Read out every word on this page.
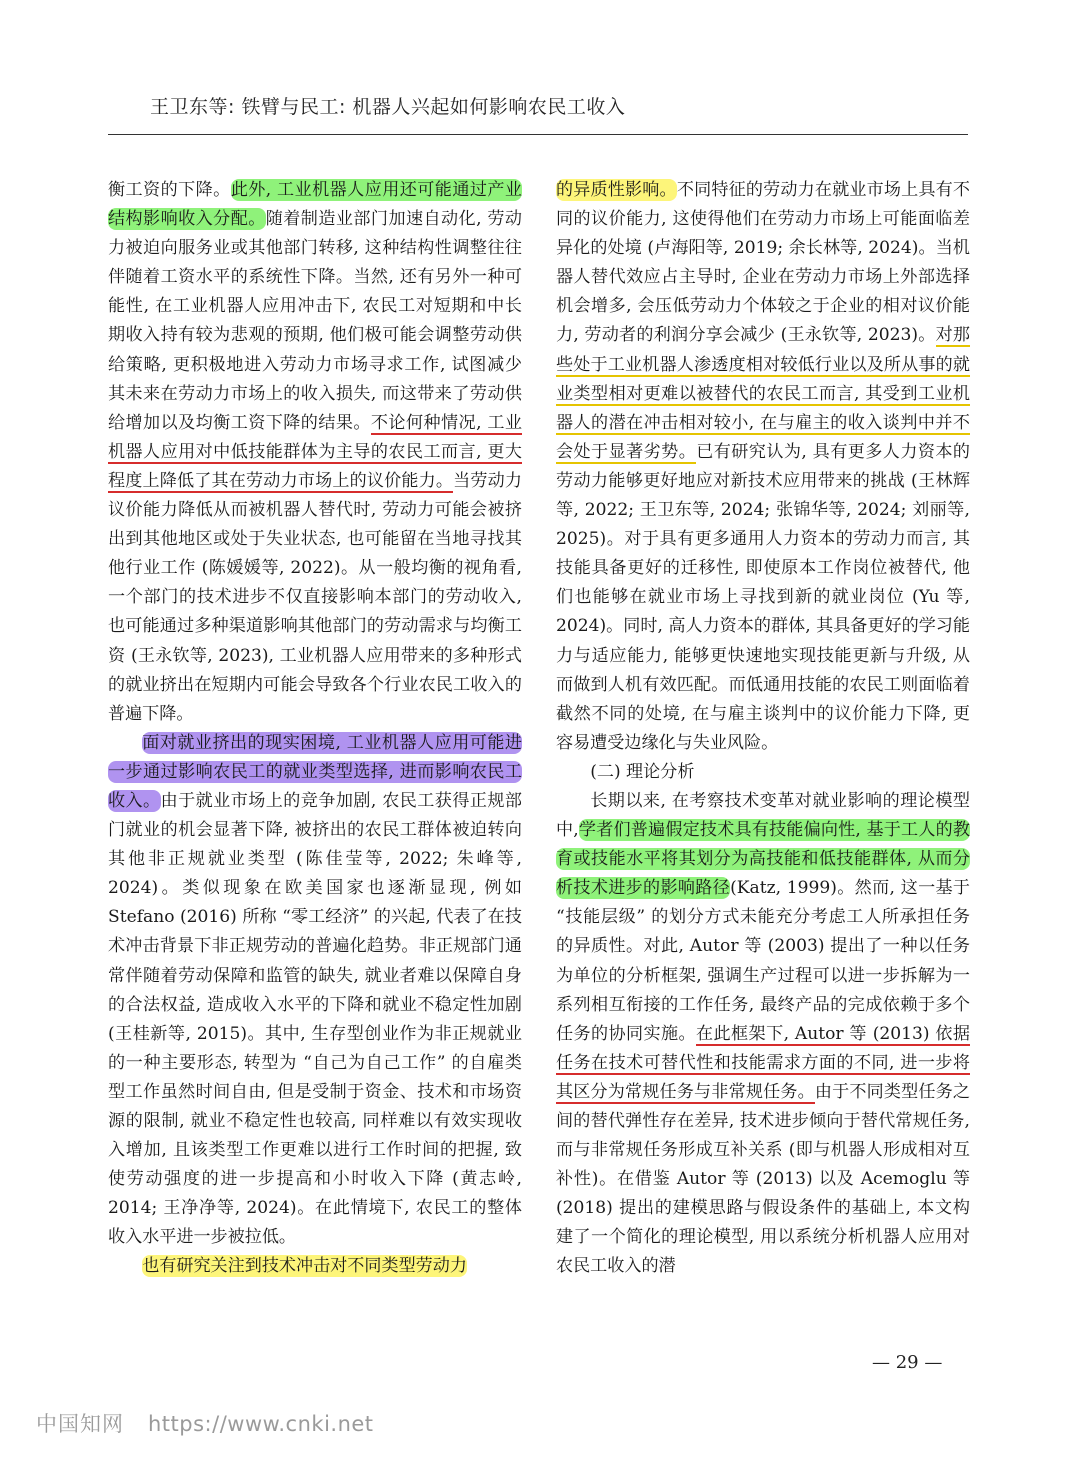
王卫东等: 铁臂与民工: 机器人兴起如何影响农民工收入

衡工资的下降。此外, 工业机器人应用还可能通过产业结构影响收入分配。随着制造业部门加速自动化, 劳动力被迫向服务业或其他部门转移, 这种结构性调整往往伴随着工资水平的系统性下降。当然, 还有另外一种可能性, 在工业机器人应用冲击下, 农民工对短期和中长期收入持有较为悲观的预期, 他们极可能会调整劳动供给策略, 更积极地进入劳动力市场寻求工作, 试图减少其未来在劳动力市场上的收入损失, 而这带来了劳动供给增加以及均衡工资下降的结果。不论何种情况, 工业机器人应用对中低技能群体为主导的农民工而言, 更大程度上降低了其在劳动力市场上的议价能力。当劳动力议价能力降低从而被机器人替代时, 劳动力可能会被挤出到其他地区或处于失业状态, 也可能留在当地寻找其他行业工作 (陈媛媛等, 2022)。从一般均衡的视角看, 一个部门的技术进步不仅直接影响本部门的劳动收入, 也可能通过多种渠道影响其他部门的劳动需求与均衡工资 (王永钦等, 2023), 工业机器人应用带来的多种形式的就业挤出在短期内可能会导致各个行业农民工收入的普遍下降。

面对就业挤出的现实困境, 工业机器人应用可能进一步通过影响农民工的就业类型选择, 进而影响农民工收入。由于就业市场上的竞争加剧, 农民工获得正规部门就业的机会显著下降, 被挤出的农民工群体被迫转向其他非正规就业类型 (陈佳莹等, 2022; 朱峰等, 2024)。类似现象在欧美国家也逐渐显现, 例如 Stefano (2016) 所称 “零工经济” 的兴起, 代表了在技术冲击背景下非正规劳动的普遍化趋势。非正规部门通常伴随着劳动保障和监管的缺失, 就业者难以保障自身的合法权益, 造成收入水平的下降和就业不稳定性加剧 (王桂新等, 2015)。其中, 生存型创业作为非正规就业的一种主要形态, 转型为 “自己为自己工作” 的自雇类型工作虽然时间自由, 但是受制于资金、技术和市场资源的限制, 就业不稳定性也较高, 同样难以有效实现收入增加, 且该类型工作更难以进行工作时间的把握, 致使劳动强度的进一步提高和小时收入下降 (黄志岭, 2014; 王净净等, 2024)。在此情境下, 农民工的整体收入水平进一步被拉低。

也有研究关注到技术冲击对不同类型劳动力

的异质性影响。不同特征的劳动力在就业市场上具有不同的议价能力, 这使得他们在劳动力市场上可能面临差异化的处境 (卢海阳等, 2019; 余长林等, 2024)。当机器人替代效应占主导时, 企业在劳动力市场上外部选择机会增多, 会压低劳动力个体较之于企业的相对议价能力, 劳动者的利润分享会减少 (王永钦等, 2023)。对那些处于工业机器人渗透度相对较低行业以及所从事的就业类型相对更难以被替代的农民工而言, 其受到工业机器人的潜在冲击相对较小, 在与雇主的收入谈判中并不会处于显著劣势。已有研究认为, 具有更多人力资本的劳动力能够更好地应对新技术应用带来的挑战 (王林辉等, 2022; 王卫东等, 2024; 张锦华等, 2024; 刘丽等, 2025)。对于具有更多通用人力资本的劳动力而言, 其技能具备更好的迁移性, 即使原本工作岗位被替代, 他们也能够在就业市场上寻找到新的就业岗位 (Yu 等, 2024)。同时, 高人力资本的群体, 其具备更好的学习能力与适应能力, 能够更快速地实现技能更新与升级, 从而做到人机有效匹配。而低通用技能的农民工则面临着截然不同的处境, 在与雇主谈判中的议价能力下降, 更容易遭受边缘化与失业风险。

(二) 理论分析

长期以来, 在考察技术变革对就业影响的理论模型中,学者们普遍假定技术具有技能偏向性, 基于工人的教育或技能水平将其划分为高技能和低技能群体, 从而分析技术进步的影响路径(Katz, 1999)。然而, 这一基于 “技能层级” 的划分方式未能充分考虑工人所承担任务的异质性。对此, Autor 等 (2003) 提出了一种以任务为单位的分析框架, 强调生产过程可以进一步拆解为一系列相互衔接的工作任务, 最终产品的完成依赖于多个任务的协同实施。在此框架下, Autor 等 (2013) 依据任务在技术可替代性和技能需求方面的不同, 进一步将其区分为常规任务与非常规任务。由于不同类型任务之间的替代弹性存在差异, 技术进步倾向于替代常规任务, 而与非常规任务形成互补关系 (即与机器人形成相对互补性)。在借鉴 Autor 等 (2013) 以及 Acemoglu 等 (2018) 提出的建模思路与假设条件的基础上, 本文构建了一个简化的理论模型, 用以系统分析机器人应用对农民工收入的潜

— 29 —
中国知网 https://www.cnki.net
